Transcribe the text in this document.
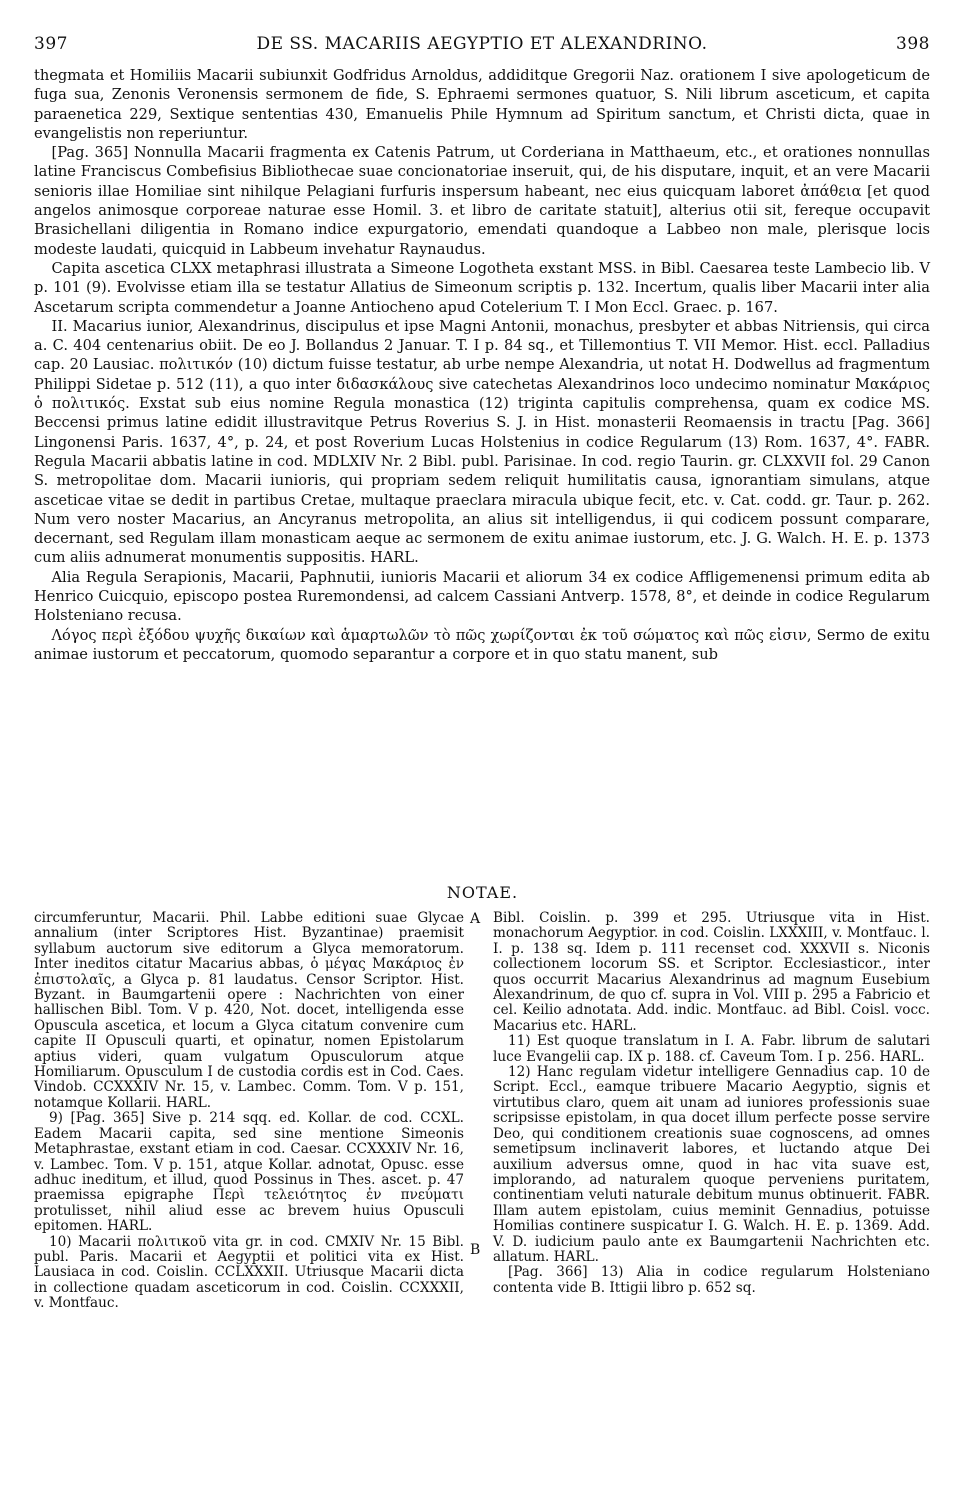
397	DE SS. MACARIIS AEGYPTIO ET ALEXANDRINO.	398

thegmata et Homiliis Macarii subiunxit Godfridus Arnoldus, addiditque Gregorii Naz. orationem I sive apologeticum de fuga sua, Zenonis Veronensis sermonem de fide, S. Ephraemi sermones quatuor, S. Nili librum asceticum, et capita paraenetica 229, Sextique sententias 430, Emanuelis Phile Hymnum ad Spiritum sanctum, et Christi dicta, quae in evangelistis non reperiuntur.

[Pag. 365] Nonnulla Macarii fragmenta ex Catenis Patrum, ut Corderiana in Matthaeum, etc., et orationes nonnullas latine Franciscus Combefisius Bibliothecae suae concionatoriae inseruit, qui, de his disputare, inquit, et an vere Macarii senioris illae Homiliae sint nihilque Pelagiani furfuris inspersum habeant, nec eius quicquam laboret ἀπάθεια [et quod angelos animosque corporeae naturae esse Homil. 3. et libro de caritate statuit], alterius otii sit, fereque occupavit Brasichellani diligentia in Romano indice expurgatorio, emendati quandoque a Labbeo non male, plerisque locis modeste laudati, quicquid in Labbeum invehatur Raynaudus.

Capita ascetica CLXX metaphrasi illustrata a Simeone Logotheta exstant MSS. in Bibl. Caesarea teste Lambecio lib. V p. 101 (9). Evolvisse etiam illa se testatur Allatius de Simeonum scriptis p. 132. Incertum, qualis liber Macarii inter alia Ascetarum scripta commendetur a Joanne Antiocheno apud Cotelerium T. I Mon Eccl. Graec. p. 167.

II. Macarius iunior, Alexandrinus, discipulus et ipse Magni Antonii, monachus, presbyter et abbas Nitriensis, qui circa a. C. 404 centenarius obiit. De eo J. Bollandus 2 Januar. T. I p. 84 sq., et Tillemontius T. VII Memor. Hist. eccl. Palladius cap. 20 Lausiac. πολιτικόν (10) dictum fuisse testatur, ab urbe nempe Alexandria, ut notat H. Dodwellus ad fragmentum Philippi Sidetae p. 512 (11), a quo inter διδασκάλους sive catechetas Alexandrinos loco undecimo nominatur Μακάριος ὁ πολιτικός. Exstat sub eius nomine Regula monastica (12) triginta capitulis comprehensa, quam ex codice MS. Beccensi primus latine edidit illustravitque Petrus Roverius S. J. in Hist. monasterii Reomaensis in tractu [Pag. 366] Lingonensi Paris. 1637, 4°, p. 24, et post Roverium Lucas Holstenius in codice Regularum (13) Rom. 1637, 4°. FABR. Regula Macarii abbatis latine in cod. MDLXIV Nr. 2 Bibl. publ. Parisinae. In cod. regio Taurin. gr. CLXXVII fol. 29 Canon S. metropolitae dom. Macarii iunioris, qui propriam sedem reliquit humilitatis causa, ignorantiam simulans, atque asceticae vitae se dedit in partibus Cretae, multaque praeclara miracula ubique fecit, etc. v. Cat. codd. gr. Taur. p. 262. Num vero noster Macarius, an Ancyranus metropolita, an alius sit intelligendus, ii qui codicem possunt comparare, decernant, sed Regulam illam monasticam aeque ac sermonem de exitu animae iustorum, etc. J. G. Walch. H. E. p. 1373 cum aliis adnumerat monumentis suppositis. HARL.

Alia Regula Serapionis, Macarii, Paphnutii, iunioris Macarii et aliorum 34 ex codice Affligemenensi primum edita ab Henrico Cuicquio, episcopo postea Ruremondensi, ad calcem Cassiani Antverp. 1578, 8°, et deinde in codice Regularum Holsteniano recusa.

Λόγος περὶ ἐξόδου ψυχῆς δικαίων καὶ ἁμαρτωλῶν τὸ πῶς χωρίζονται ἐκ τοῦ σώματος καὶ πῶς εἰσιν, Sermo de exitu animae iustorum et peccatorum, quomodo separantur a corpore et in quo statu manent, sub

NOTAE.

circumferuntur, Macarii. Phil. Labbe editioni suae Glycae annalium (inter Scriptores Hist. Byzantinae) praemisit syllabum auctorum sive editorum a Glyca memoratorum. Inter ineditos citatur Macarius abbas, ὁ μέγας Μακάριος ἐν ἐπιστολαῖς, a Glyca p. 81 laudatus. Censor Scriptor. Hist. Byzant. in Baumgartenii opere : Nachrichten von einer hallischen Bibl. Tom. V p. 420, Not. docet, intelligenda esse Opuscula ascetica, et locum a Glyca citatum convenire cum capite II Opusculi quarti, et opinatur, nomen Epistolarum aptius videri, quam vulgatum Opusculorum atque Homiliarum. Opusculum I de custodia cordis est in Cod. Caes. Vindob. CCXXXIV Nr. 15, v. Lambec. Comm. Tom. V p. 151, notamque Kollarii. HARL.

9) [Pag. 365] Sive p. 214 sqq. ed. Kollar. de cod. CCXL. Eadem Macarii capita, sed sine mentione Simeonis Metaphrastae, exstant etiam in cod. Caesar. CCXXXIV Nr. 16, v. Lambec. Tom. V p. 151, atque Kollar. adnotat, Opusc. esse adhuc ineditum, et illud, quod Possinus in Thes. ascet. p. 47 praemissa epigraphe Περὶ τελειότητος ἐν πνεύματι protulisset, nihil aliud esse ac brevem huius Opusculi epitomen. HARL.

10) Macarii πολιτικοῦ vita gr. in cod. CMXIV Nr. 15 Bibl. publ. Paris. Macarii et Aegyptii et politici vita ex Hist. Lausiaca in cod. Coislin. CCLXXXII. Utriusque Macarii dicta in collectione quadam asceticorum in cod. Coislin. CCXXXII, v. Montfauc.

A
B

Bibl. Coislin. p. 399 et 295. Utriusque vita in Hist. monachorum Aegyptior. in cod. Coislin. LXXXIII, v. Montfauc. l. I. p. 138 sq. Idem p. 111 recenset cod. XXXVII s. Niconis collectionem locorum SS. et Scriptor. Ecclesiasticor., inter quos occurrit Macarius Alexandrinus ad magnum Eusebium Alexandrinum, de quo cf. supra in Vol. VIII p. 295 a Fabricio et cel. Keilio adnotata. Add. indic. Montfauc. ad Bibl. Coisl. vocc. Macarius etc. HARL.

11) Est quoque translatum in I. A. Fabr. librum de salutari luce Evangelii cap. IX p. 188. cf. Caveum Tom. I p. 256. HARL.

12) Hanc regulam videtur intelligere Gennadius cap. 10 de Script. Eccl., eamque tribuere Macario Aegyptio, signis et virtutibus claro, quem ait unam ad iuniores professionis suae scripsisse epistolam, in qua docet illum perfecte posse servire Deo, qui conditionem creationis suae cognoscens, ad omnes semetipsum inclinaverit labores, et luctando atque Dei auxilium adversus omne, quod in hac vita suave est, implorando, ad naturalem quoque perveniens puritatem, continentiam veluti naturale debitum munus obtinuerit. FABR. Illam autem epistolam, cuius meminit Gennadius, potuisse Homilias continere suspicatur I. G. Walch. H. E. p. 1369. Add. V. D. iudicium paulo ante ex Baumgartenii Nachrichten etc. allatum. HARL.

[Pag. 366] 13) Alia in codice regularum Holsteniano contenta vide B. Ittigii libro p. 652 sq.
